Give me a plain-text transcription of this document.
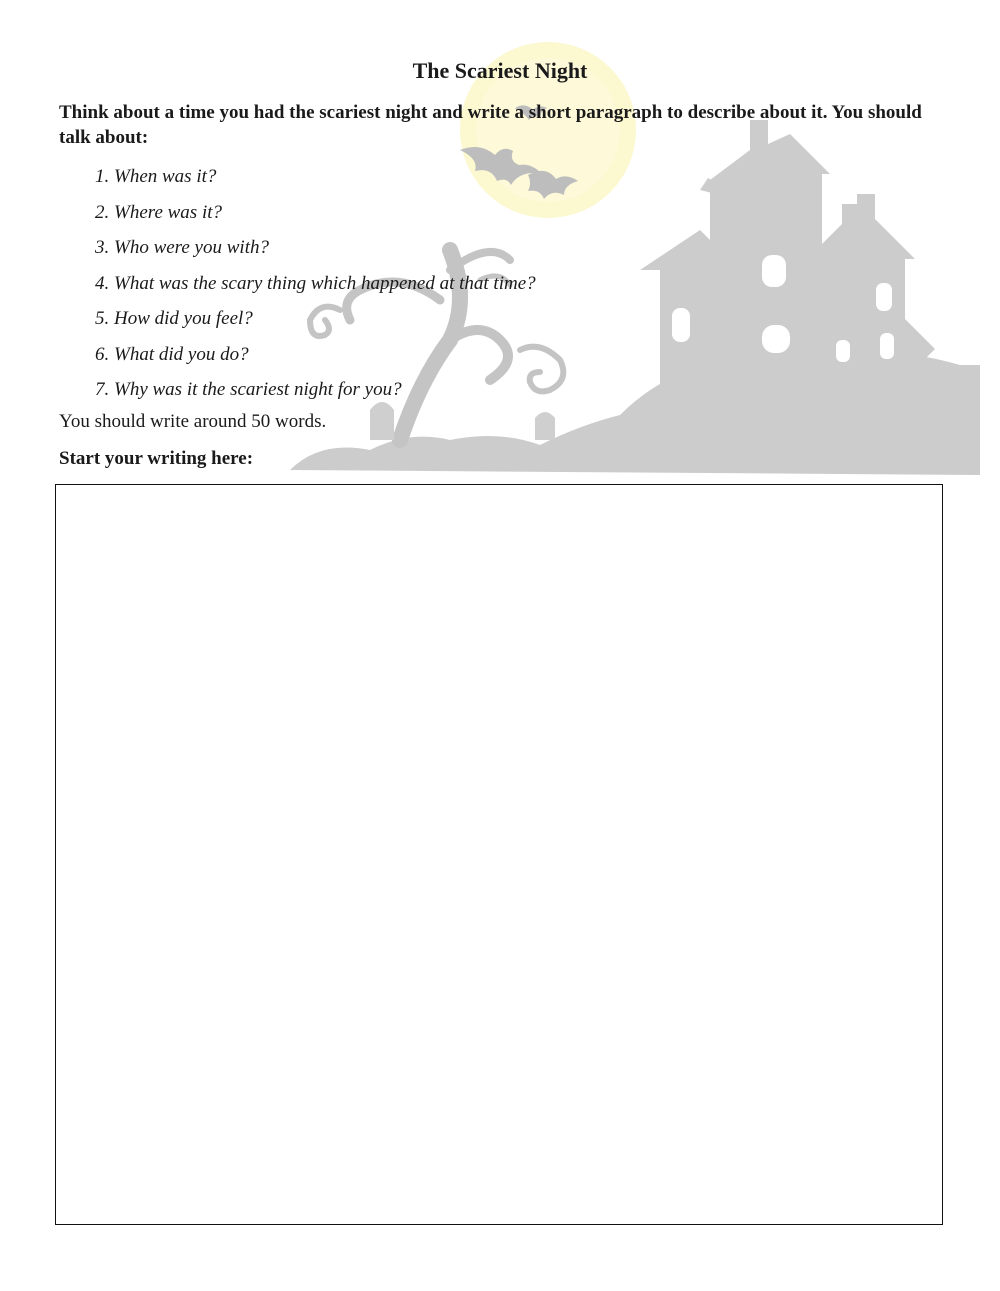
The Scariest Night

Think about a time you had the scariest night and write a short paragraph to describe about it. You should talk about:

1. When was it?
2. Where was it?
3. Who were you with?
4. What was the scary thing which happened at that time?
5. How did you feel?
6. What did you do?
7. Why was it the scariest night for you?

You should write around 50 words.

Start your writing here:
